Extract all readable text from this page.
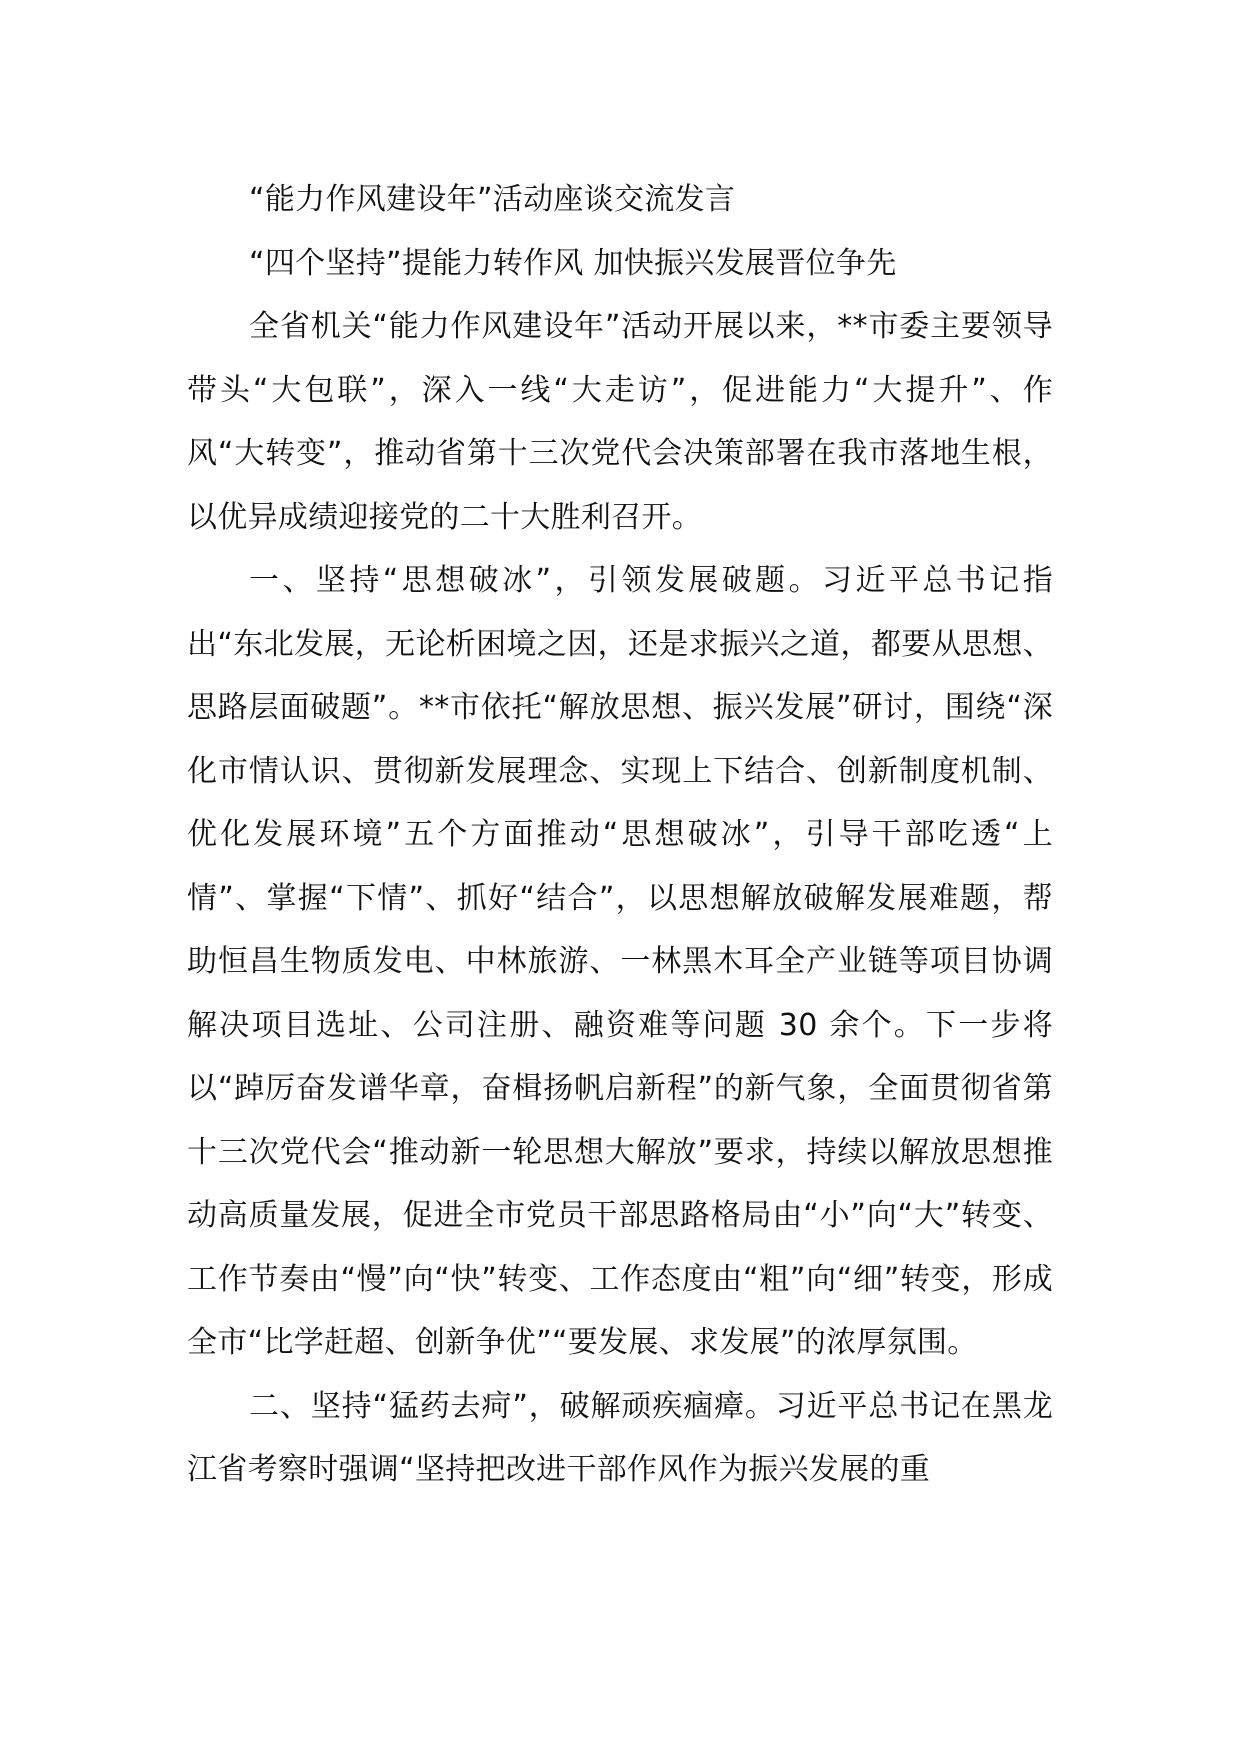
“能力作风建设年”活动座谈交流发言

“四个坚持”提能力转作风 加快振兴发展晋位争先

全省机关“能力作风建设年”活动开展以来，**市委主要领导带头“大包联”，深入一线“大走访”，促进能力“大提升”、作风“大转变”，推动省第十三次党代会决策部署在我市落地生根，以优异成绩迎接党的二十大胜利召开。

一、坚持“思想破冰”，引领发展破题。习近平总书记指出“东北发展，无论析困境之因，还是求振兴之道，都要从思想、思路层面破题”。**市依托“解放思想、振兴发展”研讨，围绕“深化市情认识、贯彻新发展理念、实现上下结合、创新制度机制、优化发展环境”五个方面推动“思想破冰”，引导干部吃透“上情”、掌握“下情”、抓好“结合”，以思想解放破解发展难题，帮助恒昌生物质发电、中林旅游、一林黑木耳全产业链等项目协调解决项目选址、公司注册、融资难等问题 30 余个。下一步将以“踔厉奋发谱华章，奋楫扬帆启新程”的新气象，全面贯彻省第十三次党代会“推动新一轮思想大解放”要求，持续以解放思想推动高质量发展，促进全市党员干部思路格局由“小”向“大”转变、工作节奏由“慢”向“快”转变、工作态度由“粗”向“细”转变，形成全市“比学赶超、创新争优”“要发展、求发展”的浓厚氛围。

二、坚持“猛药去疴”，破解顽疾痼瘴。习近平总书记在黑龙江省考察时强调“坚持把改进干部作风作为振兴发展的重
